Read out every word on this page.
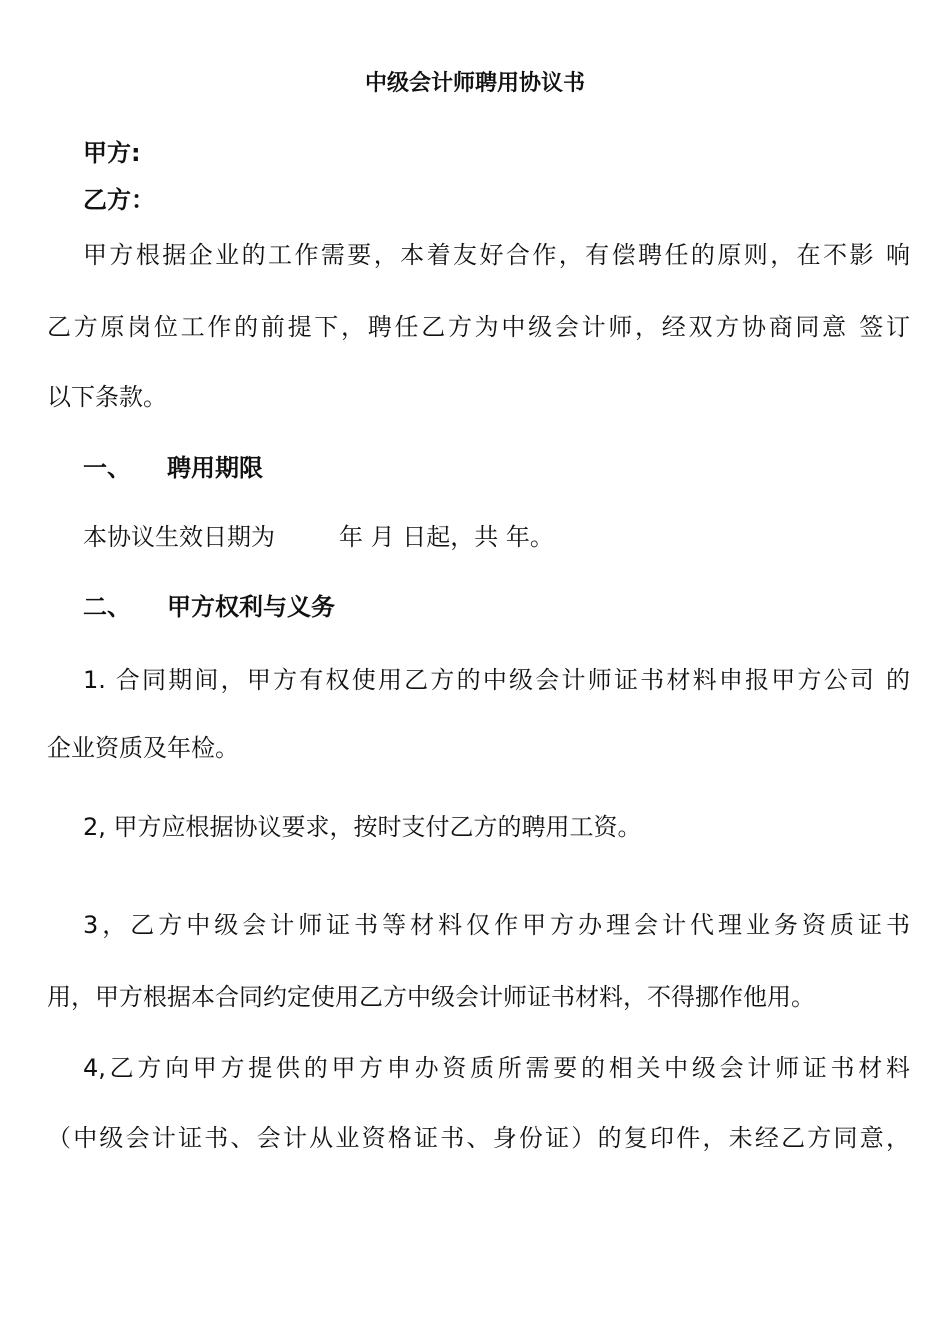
中级会计师聘用协议书
甲方:
乙方：
甲方根据企业的工作需要，本着友好合作，有偿聘任的原则，在不影 响
乙方原岗位工作的前提下，聘任乙方为中级会计师，经双方协商同意 签订
以下条款。
一、 聘用期限
本协议生效日期为	年 月 日起，共 年。
二、 甲方权利与义务
1. 合同期间，甲方有权使用乙方的中级会计师证书材料申报甲方公司 的
企业资质及年检。
2, 甲方应根据协议要求，按时支付乙方的聘用工资。
3，乙方中级会计师证书等材料仅作甲方办理会计代理业务资质证书
用，甲方根据本合同约定使用乙方中级会计师证书材料，不得挪作他用。
4,乙方向甲方提供的甲方申办资质所需要的相关中级会计师证书材料
（中级会计证书、会计从业资格证书、身份证）的复印件，未经乙方同意，
